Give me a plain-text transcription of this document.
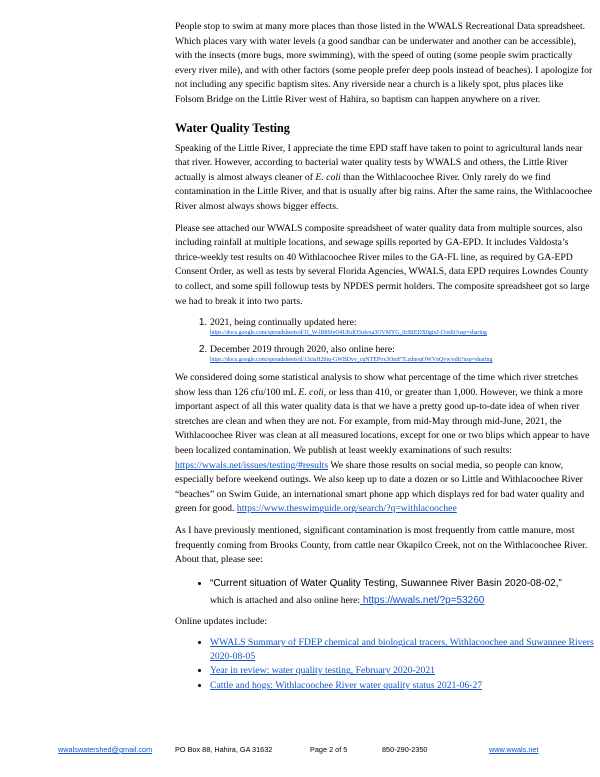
People stop to swim at many more places than those listed in the WWALS Recreational Data spreadsheet. Which places vary with water levels (a good sandbar can be underwater and another can be accessible), with the insects (more bugs, more swimming), with the speed of outing (some people swim practically every river mile), and with other factors (some people prefer deep pools instead of beaches). I apologize for not including any specific baptism sites. Any riverside near a church is a likely spot, plus places like Folsom Bridge on the Little River west of Hahira, so baptism can happen anywhere on a river.

Water Quality Testing

Speaking of the Little River, I appreciate the time EPD staff have taken to point to agricultural lands near that river. However, according to bacterial water quality tests by WWALS and others, the Little River actually is almost always cleaner of E. coli than the Withlacoochee River. Only rarely do we find contamination in the Little River, and that is usually after big rains. After the same rains, the Withlacoochee River almost always shows bigger effects.

Please see attached our WWALS composite spreadsheet of water quality data from multiple sources, also including rainfall at multiple locations, and sewage spills reported by GA-EPD. It includes Valdosta’s thrice-weekly test results on 40 Withlacoochee River miles to the GA-FL line, as required by GA-EPD Consent Order, as well as tests by several Florida Agencies, WWALS, data EPD requires Lowndes County to collect, and some spill followup tests by NPDES permit holders. The composite spreadsheet got so large we had to break it into two parts.

1. 2021, being continually updated here:
https://docs.google.com/spreadsheets/d/1I_W-lB8SfeO4UKdO5ufexa3OVMYG_0cBIEDX0gixJ-O/edit?usp=sharing
2. December 2019 through 2020, also online here:
https://docs.google.com/spreadsheets/d/13ctsH20iq-GWBDvv_cqNTEPvx3OmF7LzdnoqOWVnQvw/edit?usp=sharing

We considered doing some statistical analysis to show what percentage of the time which river stretches show less than 126 cfu/100 mL E. coli, or less than 410, or greater than 1,000. However, we think a more important aspect of all this water quality data is that we have a pretty good up-to-date idea of when river stretches are clean and when they are not. For example, from mid-May through mid-June, 2021, the Withlacoochee River was clean at all measured locations, except for one or two blips which appear to have been localized contamination. We publish at least weekly examinations of such results: https://wwals.net/issues/testing/#results We share those results on social media, so people can know, especially before weekend outings. We also keep up to date a dozen or so Little and Withlacoochee River “beaches” on Swim Guide, an international smart phone app which displays red for bad water quality and green for good. https://www.theswimguide.org/search/?q=withlacoochee

As I have previously mentioned, significant contamination is most frequently from cattle manure, most frequently coming from Brooks County, from cattle near Okapilco Creek, not on the Withlacoochee River. About that, please see:

• “Current situation of Water Quality Testing, Suwannee River Basin 2020-08-02,”
which is attached and also online here: https://wwals.net/?p=53260

Online updates include:

• WWALS Summary of FDEP chemical and biological tracers, Withlacoochee and Suwannee Rivers 2020-08-05
• Year in review: water quality testing, February 2020-2021
• Cattle and hogs: Withlacoochee River water quality status 2021-06-27
wwalswatershed@gmail.com	PO Box 88, Hahira, GA 31632	Page 2 of 5	850-290-2350	www.wwals.net
